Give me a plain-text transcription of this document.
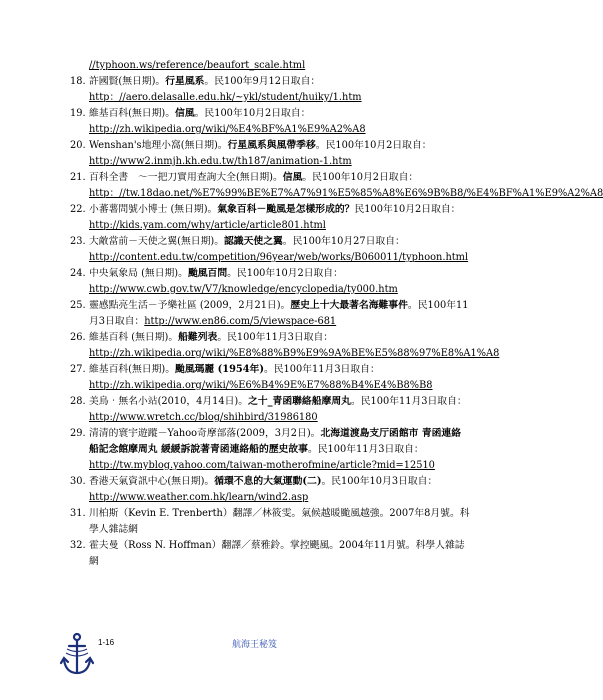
//typhoon.ws/reference/beaufort_scale.html
18. 許國賢(無日期)。行星風系。民100年9月12日取自： http：//aero.delasalle.edu.hk/~ykl/student/huiky/1.htm
19. 維基百科(無日期)。信風。民100年10月2日取自：http://zh.wikipedia.org/wiki/%E4%BF%A1%E9%A2%A8
20. Wenshan's地理小窩(無日期)。行星風系與風帶季移。民100年10月2日取自：http://www2.inmjh.kh.edu.tw/th187/animation-1.htm
21. 百科全書　～一把刀實用查詢大全(無日期)。信風。民100年10月2日取自： http：//tw.18dao.net/%E7%99%BE%E7%A7%91%E5%85%A8%E6%9B%B8/%E4%BF%A1%E9%A2%A8
22. 小蕃薯問號小博士 (無日期)。氣象百科－颱風是怎樣形成的？民100年10月2日取自：http://kids.yam.com/why/article/article801.html
23. 大敵當前－天使之翼(無日期)。認識天使之翼。民100年10月27日取自：http://content.edu.tw/competition/96year/web/works/B060011/typhoon.html
24. 中央氣象局 (無日期)。颱風百問。民100年10月2日取自：http://www.cwb.gov.tw/V7/knowledge/encyclopedia/ty000.htm
25. 靈感點亮生活－予樂社區 (2009，2月21日)。歷史上十大最著名海難事件。民100年11月3日取自：http://www.en86.com/5/viewspace-681
26. 維基百科 (無日期)。船難列表。民100年11月3日取自：http://zh.wikipedia.org/wiki/%E8%88%B9%E9%9A%BE%E5%88%97%E8%A1%A8
27. 維基百科(無日期)。颱風瑪麗 (1954年)。民100年11月3日取自：http://zh.wikipedia.org/wiki/%E6%B4%9E%E7%88%B4%E4%B8%B8
28. 美鳥‧無名小站(2010，4月14日)。之十_青函聯絡船摩周丸。民100年11月3日取自： http://www.wretch.cc/blog/shihbird/31986180
29. 清清的寰宇遊蹤－Yahoo奇摩部落(2009，3月2日)。北海道渡島支厅函館市 青函連絡船記念館摩周丸 緩緩訴說著青函連絡船的歷史故事。民100年11月3日取自：http://tw.myblog.yahoo.com/taiwan-motherofmine/article?mid=12510
30. 香港天氣資訊中心(無日期)。循環不息的大氣運動(二)。民100年10月3日取自：http://www.weather.com.hk/learn/wind2.asp
31. 川柏斯（Kevin E. Trenberth）翻譯／林筱雯。氣候越暖颱風越強。2007年8月號。科學人雜誌網
32. 霍夫曼（Ross N. Hoffman）翻譯／蔡雅鈴。掌控颶風。2004年11月號。科學人雜誌網
1-16	航海王秘笈
